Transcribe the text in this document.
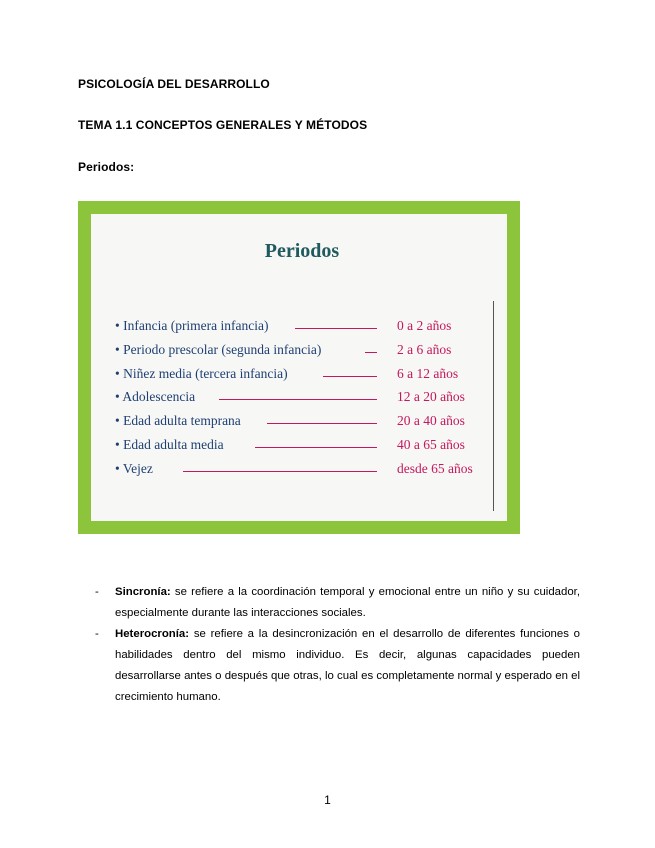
PSICOLOGÍA DEL DESARROLLO
TEMA 1.1 CONCEPTOS GENERALES Y MÉTODOS
Periodos:
Periodos
• Infancia (primera infancia)	0 a 2 años
• Periodo prescolar (segunda infancia)	2 a 6 años
• Niñez media (tercera infancia)	6 a 12 años
• Adolescencia	12 a 20 años
• Edad adulta temprana	20 a 40 años
• Edad adulta media	40 a 65 años
• Vejez	desde 65 años
- Sincronía: se refiere a la coordinación temporal y emocional entre un niño y su cuidador, especialmente durante las interacciones sociales.
- Heterocronía: se refiere a la desincronización en el desarrollo de diferentes funciones o habilidades dentro del mismo individuo. Es decir, algunas capacidades pueden desarrollarse antes o después que otras, lo cual es completamente normal y esperado en el crecimiento humano.
1
